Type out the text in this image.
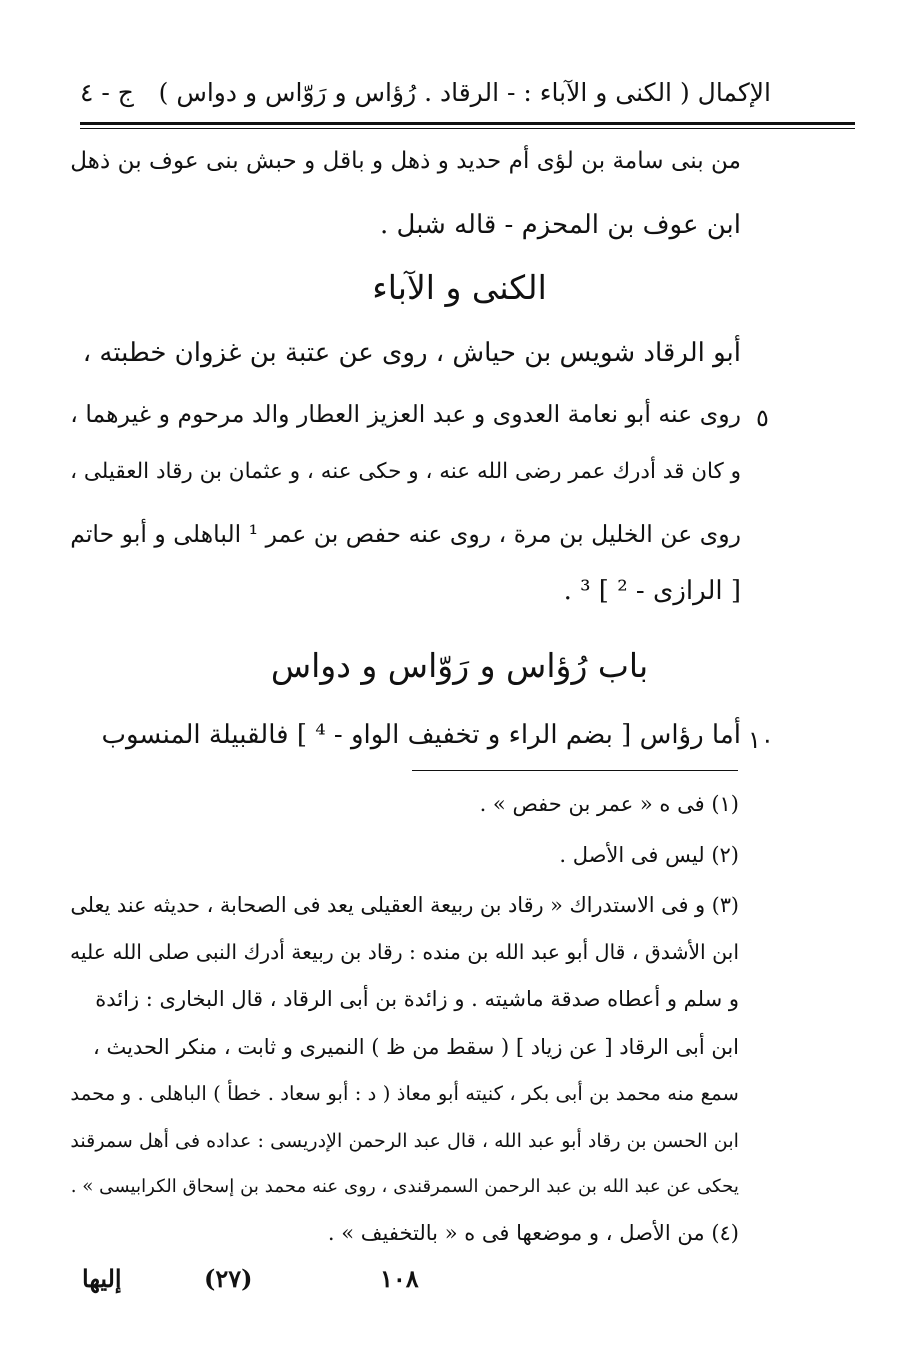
الإكمال ( الكنى و الآباء : - الرقاد . رُؤاس و رَوّاس و دواس )
ج - ٤
من بنى سامة بن لؤى أم حديد و ذهل و باقل و حبش بنى عوف بن ذهل
ابن عوف بن المحزم - قاله شبل .
الكنى و الآباء
أبو الرقاد شويس بن حياش ، روى عن عتبة بن غزوان خطبته ،
روى عنه أبو نعامة العدوى و عبد العزيز العطار والد مرحوم و غيرهما ، ٥
و كان قد أدرك عمر رضى الله عنه ، و حكى عنه ، و عثمان بن رقاد العقيلى ،
روى عن الخليل بن مرة ، روى عنه حفص بن عمر ¹ الباهلى و أبو حاتم
[ الرازى - ² ] ³ .
باب رُؤاس و رَوّاس و دواس
أما رؤاس [ بضم الراء و تخفيف الواو - ⁴ ] فالقبيلة المنسوب ١٠
(١) فى ه « عمر بن حفص » .
(٢) ليس فى الأصل .
(٣) و فى الاستدراك « رقاد بن ربيعة العقيلى يعد فى الصحابة ، حديثه عند يعلى
ابن الأشدق ، قال أبو عبد الله بن منده : رقاد بن ربيعة أدرك النبى صلى الله عليه
و سلم و أعطاه صدقة ماشيته . و زائدة بن أبى الرقاد ، قال البخارى : زائدة
ابن أبى الرقاد [ عن زياد ] ( سقط من ظ ) النميرى و ثابت ، منكر الحديث ،
سمع منه محمد بن أبى بكر ، كنيته أبو معاذ ( د : أبو سعاد . خطأ ) الباهلى . و محمد
ابن الحسن بن رقاد أبو عبد الله ، قال عبد الرحمن الإدريسى : عداده فى أهل سمرقند
يحكى عن عبد الله بن عبد الرحمن السمرقندى ، روى عنه محمد بن إسحاق الكرابيسى » .
(٤) من الأصل ، و موضعها فى ه « بالتخفيف » .
إليها	(٢٧)	١٠٨
